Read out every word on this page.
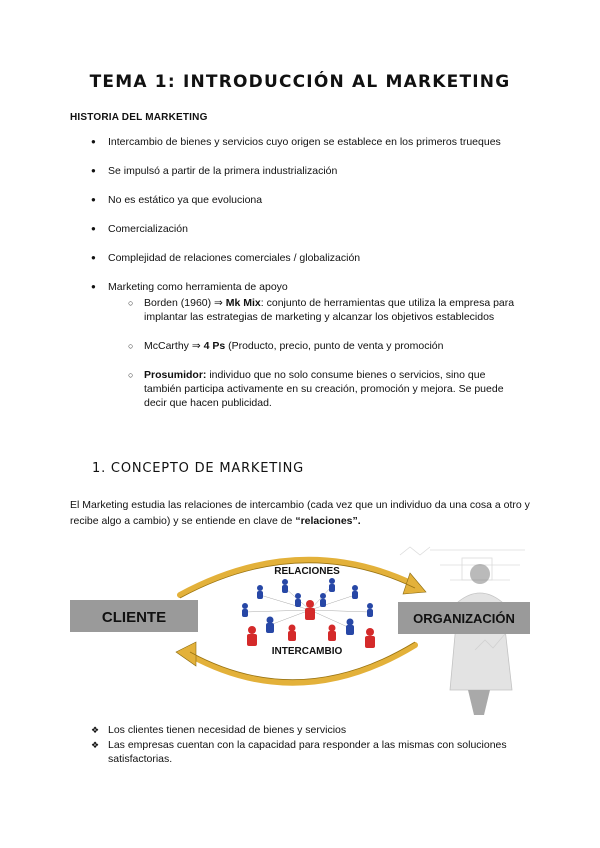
TEMA 1: INTRODUCCIÓN AL MARKETING
HISTORIA DEL MARKETING
● Intercambio de bienes y servicios cuyo origen se establece en los primeros trueques
● Se impulsó a partir de la primera industrialización
● No es estático ya que evoluciona
● Comercialización
● Complejidad de relaciones comerciales / globalización
● Marketing como herramienta de apoyo
○ Borden (1960) ⇒ Mk Mix: conjunto de herramientas que utiliza la empresa para implantar las estrategias de marketing y alcanzar los objetivos establecidos
○ McCarthy ⇒ 4 Ps (Producto, precio, punto de venta y promoción
○ Prosumidor: individuo que no solo consume bienes o servicios, sino que también participa activamente en su creación, promoción y mejora. Se puede decir que hacen publicidad.
1. CONCEPTO DE MARKETING
El Marketing estudia las relaciones de intercambio (cada vez que un individuo da una cosa a otro y recibe algo a cambio) y se entiende en clave de “relaciones”.
CLIENTE	ORGANIZACIÓN
RELACIONES
INTERCAMBIO
❖ Los clientes tienen necesidad de bienes y servicios
❖ Las empresas cuentan con la capacidad para responder a las mismas con soluciones satisfactorias.
